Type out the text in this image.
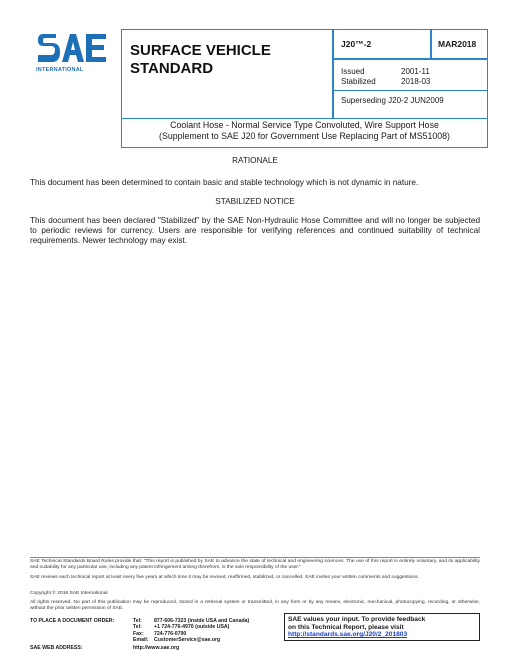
INTERNATIONAL
SURFACE VEHICLE STANDARD
J20™-2	MAR2018
Issued	2001-11
Stabilized	2018-03
Superseding J20-2 JUN2009
Coolant Hose - Normal Service Type Convoluted, Wire Support Hose
(Supplement to SAE J20 for Government Use Replacing Part of MS51008)
RATIONALE
This document has been determined to contain basic and stable technology which is not dynamic in nature.
STABILIZED NOTICE
This document has been declared "Stabilized" by the SAE Non-Hydraulic Hose Committee and will no longer be subjected to periodic reviews for currency. Users are responsible for verifying references and continued suitability of technical requirements. Newer technology may exist.
SAE Technical Standards Board Rules provide that: "This report is published by SAE to advance the state of technical and engineering sciences. The use of this report is entirely voluntary, and its applicability and suitability for any particular use, including any patent infringement arising therefrom, is the sole responsibility of the user."
SAE reviews each technical report at least every five years at which time it may be revised, reaffirmed, stabilized, or cancelled. SAE invites your written comments and suggestions.
Copyright © 2018 SAE International
All rights reserved. No part of this publication may be reproduced, stored in a retrieval system or transmitted, in any form or by any means, electronic, mechanical, photocopying, recording, or otherwise, without the prior written permission of SAE.
TO PLACE A DOCUMENT ORDER:	Tel:	877-606-7323 (inside USA and Canada)
Tel:	+1 724-776-4970 (outside USA)
Fax:	724-776-0790
Email:	CustomerService@sae.org
SAE WEB ADDRESS:	http://www.sae.org
SAE values your input. To provide feedback
on this Technical Report, please visit
http://standards.sae.org/J20/2_201803
